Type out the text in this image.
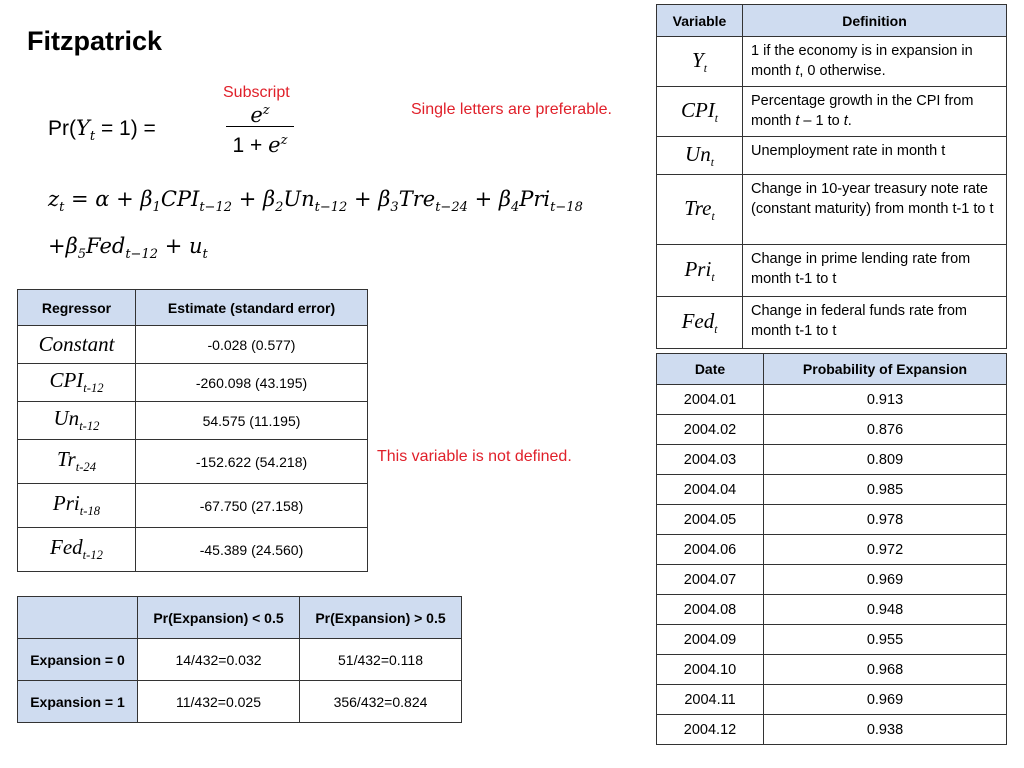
Fitzpatrick
Subscript
Single letters are preferable.
This variable is not defined.
$Pr(Y_t = 1)$ =
$e^z$
$1 + e^z$
$z_t = \alpha + \beta_1CPI_{t-12} + \beta_2Un_{t-12} + \beta_3Tre_{t-24} + \beta_4Pri_{t-18}$
$+\beta_5Fed_{t-12} + u_t$
Regressor	Estimate (standard error)
Constant	-0.028 (0.577)
$CPI_{t-12}$	-260.098 (43.195)
$Un_{t-12}$	54.575 (11.195)
$Tr_{t-24}$	-152.622 (54.218)
Pri$_{t-18}$	-67.750 (27.158)
Fed$_{t-12}$	-45.389 (24.560)
	Pr(Expansion) < 0.5	Pr(Expansion) > 0.5
Expansion = 0	14/432=0.032	51/432=0.118
Expansion = 1	11/432=0.025	356/432=0.824
Variable	Definition
$Y_t$	1 if the economy is in expansion in month t, 0 otherwise.
$CPI_t$	Percentage growth in the CPI from month t – 1 to t.
$Un_t$	Unemployment rate in month t
Tre$_t$	Change in 10-year treasury note rate (constant maturity) from month t-1 to t
Pri$_t$	Change in prime lending rate from month t-1 to t
Fed$_t$	Change in federal funds rate from month t-1 to t
Date	Probability of Expansion
2004.01	0.913
2004.02	0.876
2004.03	0.809
2004.04	0.985
2004.05	0.978
2004.06	0.972
2004.07	0.969
2004.08	0.948
2004.09	0.955
2004.10	0.968
2004.11	0.969
2004.12	0.938
